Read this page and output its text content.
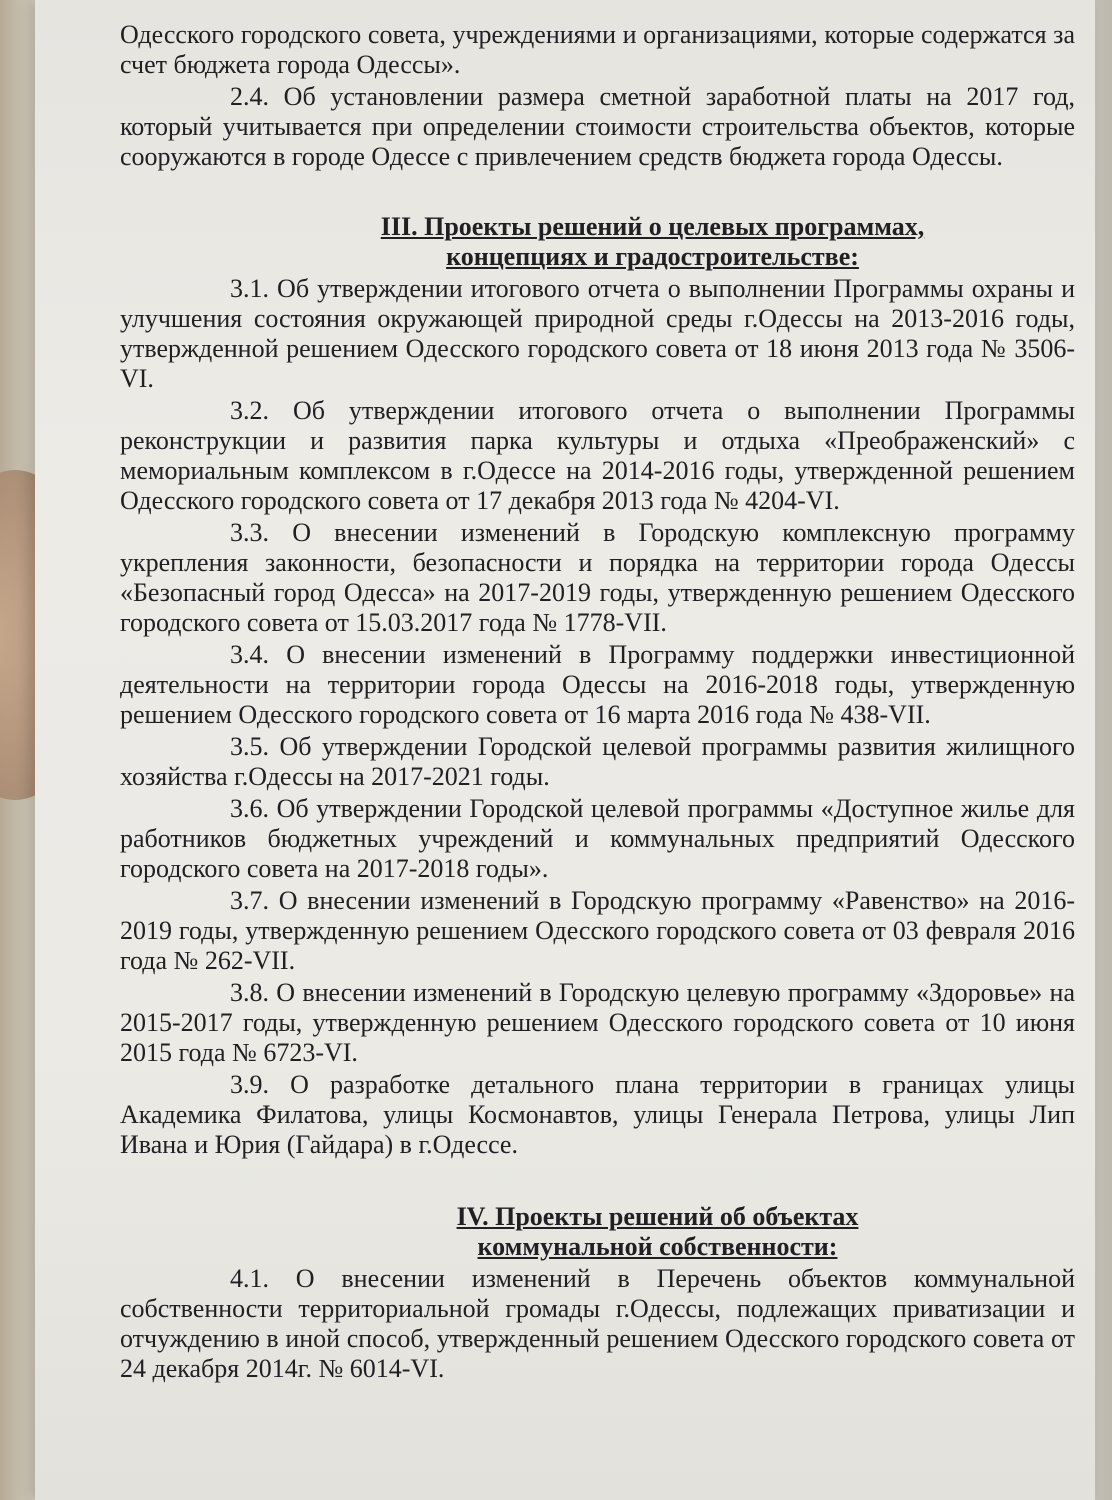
Одесского городского совета, учреждениями и организациями, которые содержатся за счет бюджета города Одессы».

2.4. Об установлении размера сметной заработной платы на 2017 год, который учитывается при определении стоимости строительства объектов, которые сооружаются в городе Одессе с привлечением средств бюджета города Одессы.

III. Проекты решений о целевых программах,

концепциях и градостроительстве:

3.1. Об утверждении итогового отчета о выполнении Программы охраны и улучшения состояния окружающей природной среды г.Одессы на 2013-2016 годы, утвержденной решением Одесского городского совета от 18 июня 2013 года № 3506-VI.

3.2. Об утверждении итогового отчета о выполнении Программы реконструкции и развития парка культуры и отдыха «Преображенский» с мемориальным комплексом в г.Одессе на 2014-2016 годы, утвержденной решением Одесского городского совета от 17 декабря 2013 года № 4204-VI.

3.3. О внесении изменений в Городскую комплексную программу укрепления законности, безопасности и порядка на территории города Одессы «Безопасный город Одесса» на 2017-2019 годы, утвержденную решением Одесского городского совета от 15.03.2017 года № 1778-VII.

3.4. О внесении изменений в Программу поддержки инвестиционной деятельности на территории города Одессы на 2016-2018 годы, утвержденную решением Одесского городского совета от 16 марта 2016 года № 438-VII.

3.5. Об утверждении Городской целевой программы развития жилищного хозяйства г.Одессы на 2017-2021 годы.

3.6. Об утверждении Городской целевой программы «Доступное жилье для работников бюджетных учреждений и коммунальных предприятий Одесского городского совета на 2017-2018 годы».

3.7. О внесении изменений в Городскую программу «Равенство» на 2016-2019 годы, утвержденную решением Одесского городского совета от 03 февраля 2016 года № 262-VII.

3.8. О внесении изменений в Городскую целевую программу «Здоровье» на 2015-2017 годы, утвержденную решением Одесского городского совета от 10 июня 2015 года № 6723-VI.

3.9. О разработке детального плана территории в границах улицы Академика Филатова, улицы Космонавтов, улицы Генерала Петрова, улицы Лип Ивана и Юрия (Гайдара) в г.Одессе.

IV. Проекты решений об объектах

коммунальной собственности:

4.1. О внесении изменений в Перечень объектов коммунальной собственности территориальной громады г.Одессы, подлежащих приватизации и отчуждению в иной способ, утвержденный решением Одесского городского совета от 24 декабря 2014г. № 6014-VI.
